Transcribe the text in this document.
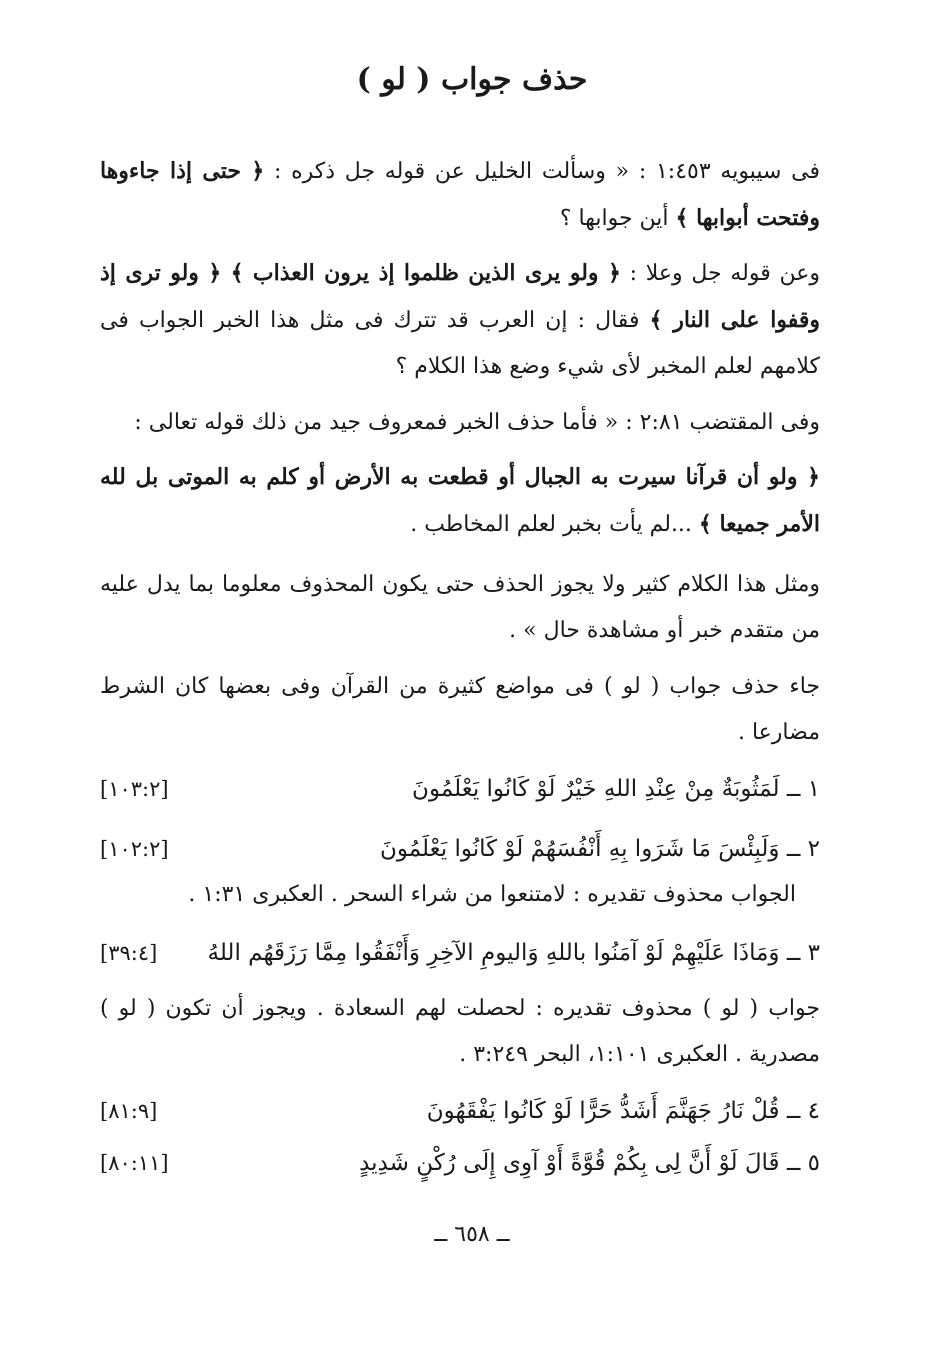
حذف جواب ( لو )

فى سيبويه ١:٤٥٣ : « وسألت الخليل عن قوله جل ذكره : ﴿ حتى إذا جاءوها وفتحت أبوابها ﴾ أين جوابها ؟

وعن قوله جل وعلا : ﴿ ولو يرى الذين ظلموا إذ يرون العذاب ﴾ ﴿ ولو ترى إذ وقفوا على النار ﴾ فقال : إن العرب قد تترك فى مثل هذا الخبر الجواب فى كلامهم لعلم المخبر لأى شيء وضع هذا الكلام ؟

وفى المقتضب ٢:٨١ : « فأما حذف الخبر فمعروف جيد من ذلك قوله تعالى :

﴿ ولو أن قرآنا سيرت به الجبال أو قطعت به الأرض أو كلم به الموتى بل لله الأمر جميعا ﴾ ...لم يأت بخبر لعلم المخاطب .

ومثل هذا الكلام كثير ولا يجوز الحذف حتى يكون المحذوف معلوما بما يدل عليه من متقدم خبر أو مشاهدة حال » .

جاء حذف جواب ( لو ) فى مواضع كثيرة من القرآن وفى بعضها كان الشرط مضارعا .

١ ــ لَمَثُوبَةٌ مِنْ عِنْدِ اللهِ خَيْرٌ لَوْ كَانُوا يَعْلَمُونَ
[١٠٣:٢]
٢ ــ وَلَبِئْسَ مَا شَرَوا بِهِ أَنْفُسَهُمْ لَوْ كَانُوا يَعْلَمُونَ
[١٠٢:٢]

الجواب محذوف تقديره : لامتنعوا من شراء السحر . العكبرى ١:٣١ .

٣ ــ وَمَاذَا عَلَيْهِمْ لَوْ آمَنُوا باللهِ وَاليومِ الآخِرِ وَأَنْفَقُوا مِمَّا رَزَقَهُم اللهُ
[٣٩:٤]

جواب ( لو ) محذوف تقديره : لحصلت لهم السعادة . ويجوز أن تكون ( لو ) مصدرية . العكبرى ١:١٠١، البحر ٣:٢٤٩ .

٤ ــ قُلْ نَارُ جَهَنَّمَ أَشَدُّ حَرًّا لَوْ كَانُوا يَفْقَهُونَ
[٨١:٩]
٥ ــ قَالَ لَوْ أَنَّ لِى بِكُمْ قُوَّةً أَوْ آوِى إِلَى رُكْنٍ شَدِيدٍ
[٨٠:١١]

ــ ٦٥٨ ــ
